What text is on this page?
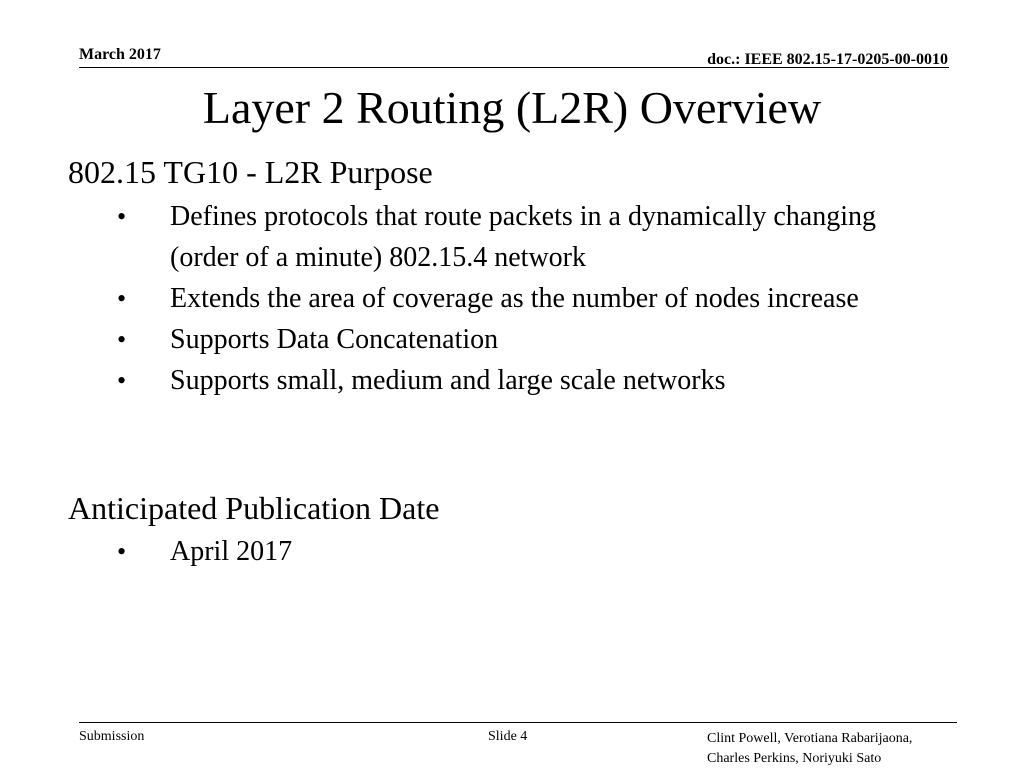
March 2017	doc.: IEEE 802.15-17-0205-00-0010
Layer 2 Routing (L2R) Overview
802.15 TG10 - L2R Purpose
• Defines protocols that route packets in a dynamically changing (order of a minute) 802.15.4 network
• Extends the area of coverage as the number of nodes increase
• Supports Data Concatenation
• Supports small, medium and large scale networks
Anticipated Publication Date
• April 2017
Submission	Slide 4	Clint Powell, Verotiana Rabarijaona,
Charles Perkins, Noriyuki Sato
